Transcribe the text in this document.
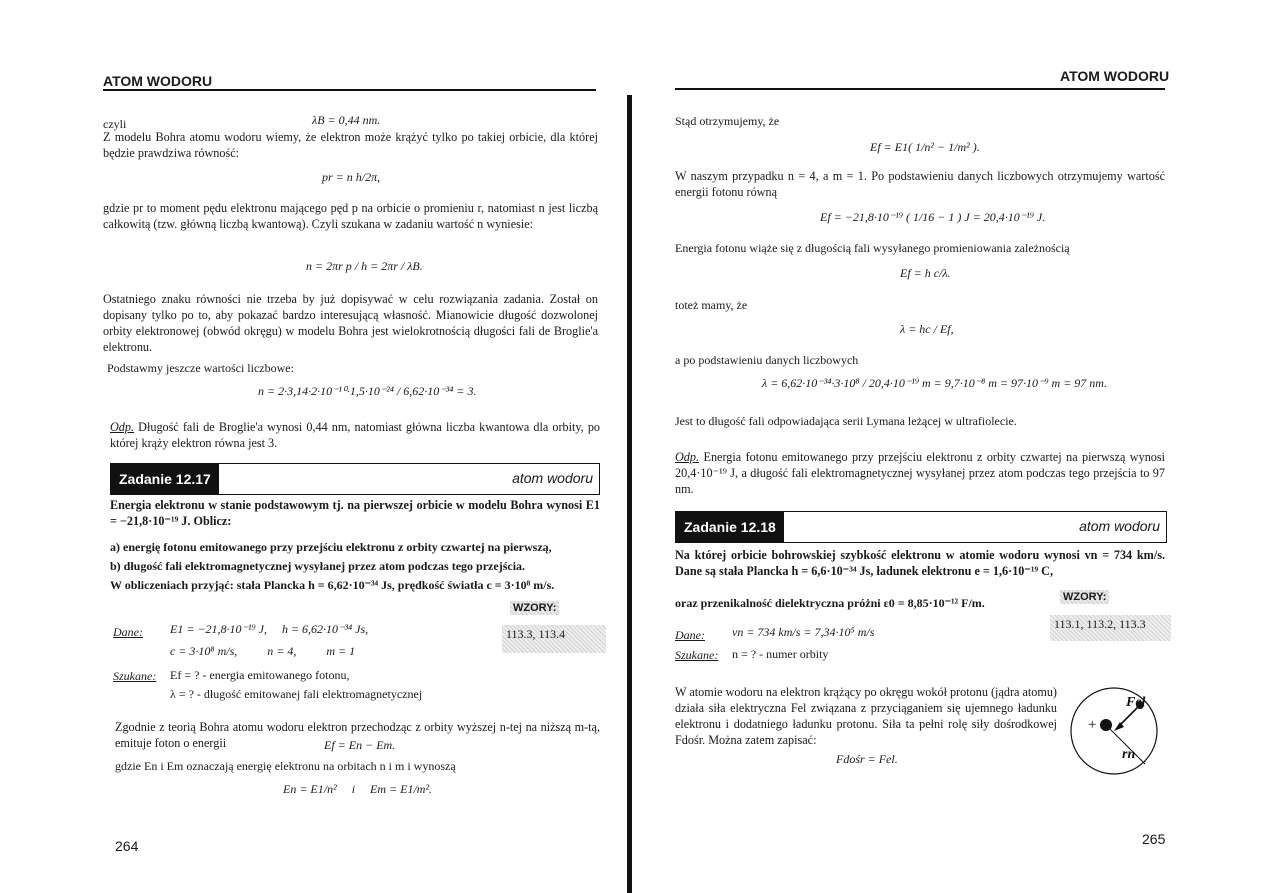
ATOM WODORU
czyli	λB = 0,44 nm.
Z modelu Bohra atomu wodoru wiemy, że elektron może krążyć tylko po takiej orbicie, dla której będzie prawdziwa równość:
pr = n h/2π,
gdzie pr to moment pędu elektronu mającego pęd p na orbicie o promieniu r, natomiast n jest liczbą całkowitą (tzw. główną liczbą kwantową). Czyli szukana w zadaniu wartość n wyniesie:
n = 2πr p / h = 2πr / λB.
Ostatniego znaku równości nie trzeba by już dopisywać w celu rozwiązania zadania. Został on dopisany tylko po to, aby pokazać bardzo interesującą własność. Mianowicie długość dozwolonej orbity elektronowej (obwód okręgu) w modelu Bohra jest wielokrotnością długości fali de Broglie'a elektronu.
Podstawmy jeszcze wartości liczbowe:
n = 2·3,14·2·10⁻¹⁰·1,5·10⁻²⁴ / 6,62·10⁻³⁴ = 3.
Odp. Długość fali de Broglie'a wynosi 0,44 nm, natomiast główna liczba kwantowa dla orbity, po której krąży elektron równa jest 3.
Zadanie 12.17	atom wodoru
Energia elektronu w stanie podstawowym tj. na pierwszej orbicie w modelu Bohra wynosi E1 = −21,8·10⁻¹⁹ J. Oblicz:
a) energię fotonu emitowanego przy przejściu elektronu z orbity czwartej na pierwszą,
b) długość fali elektromagnetycznej wysyłanej przez atom podczas tego przejścia.
W obliczeniach przyjąć: stała Plancka h = 6,62·10⁻³⁴ Js, prędkość światła c = 3·10⁸ m/s.
WZORY:
113.3, 113.4
Dane: E1 = −21,8·10⁻¹⁹ J,     h = 6,62·10⁻³⁴ Js,
c = 3·10⁸ m/s,          n = 4,          m = 1
Szukane: Ef = ? - energia emitowanego fotonu,
λ = ? - długość emitowanej fali elektromagnetycznej
Zgodnie z teorią Bohra atomu wodoru elektron przechodząc z orbity wyższej n-tej na niższą m-tą, emituje foton o energii	Ef = En − Em.
gdzie En i Em oznaczają energię elektronu na orbitach n i m i wynoszą
En = E1/n²     i     Em = E1/m².
264
ATOM WODORU
Stąd otrzymujemy, że
Ef = E1( 1/n² − 1/m² ).
W naszym przypadku n = 4, a m = 1. Po podstawieniu danych liczbowych otrzymujemy wartość energii fotonu równą
Ef = −21,8·10⁻¹⁹ ( 1/16 − 1 ) J = 20,4·10⁻¹⁹ J.
Energia fotonu wiąże się z długością fali wysyłanego promieniowania zależnością
Ef = h c/λ.
toteż mamy, że
λ = hc / Ef,
a po podstawieniu danych liczbowych
λ = 6,62·10⁻³⁴·3·10⁸ / 20,4·10⁻¹⁹ m = 9,7·10⁻⁸ m = 97·10⁻⁹ m = 97 nm.
Jest to długość fali odpowiadająca serii Lymana leżącej w ultrafiolecie.
Odp. Energia fotonu emitowanego przy przejściu elektronu z orbity czwartej na pierwszą wynosi 20,4·10⁻¹⁹ J, a długość fali elektromagnetycznej wysyłanej przez atom podczas tego przejścia to 97 nm.
Zadanie 12.18	atom wodoru
Na której orbicie bohrowskiej szybkość elektronu w atomie wodoru wynosi vn = 734 km/s. Dane są stała Plancka h = 6,6·10⁻³⁴ Js, ładunek elektronu e = 1,6·10⁻¹⁹ C,
oraz przenikalność dielektryczna próżni ε0 = 8,85·10⁻¹² F/m.	WZORY:
113.1, 113.2, 113.3
Dane: vn = 734 km/s = 7,34·10⁵ m/s
Szukane: n = ? - numer orbity
W atomie wodoru na elektron krążący po okręgu wokół protonu (jądra atomu) działa siła elektryczna Fel związana z przyciąganiem się ujemnego ładunku elektronu i dodatniego ładunku protonu. Siła ta pełni rolę siły dośrodkowej Fdośr. Można zatem zapisać:
Fdośr = Fel.
+
Fel
rn
265
